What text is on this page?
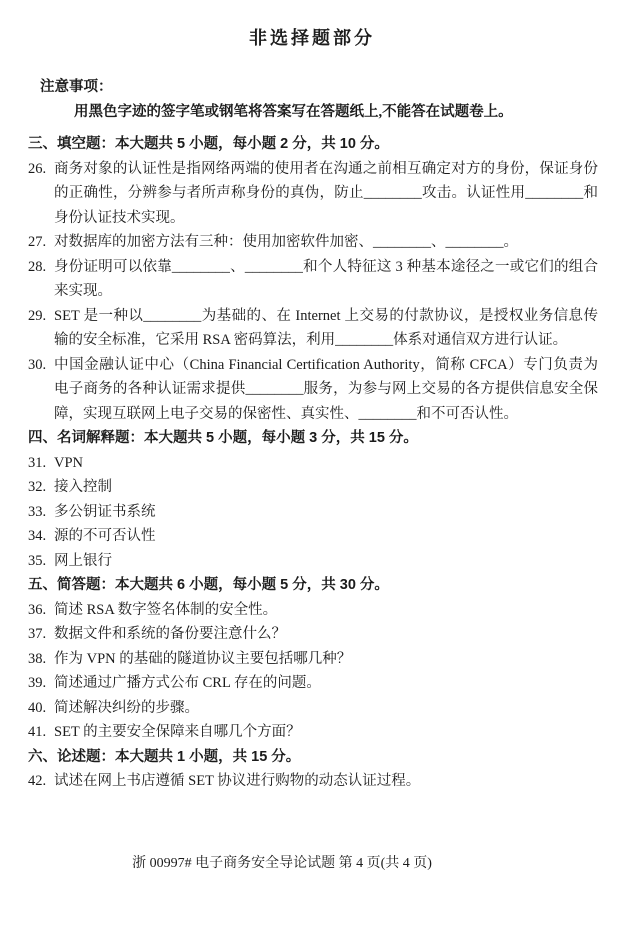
非选择题部分
注意事项：
用黑色字迹的签字笔或钢笔将答案写在答题纸上,不能答在试题卷上。
三、填空题：本大题共 5 小题，每小题 2 分，共 10 分。
26. 商务对象的认证性是指网络两端的使用者在沟通之前相互确定对方的身份，保证身份的正确性，分辨参与者所声称身份的真伪，防止________攻击。认证性用________和身份认证技术实现。
27. 对数据库的加密方法有三种：使用加密软件加密、________、________。
28. 身份证明可以依靠________、________和个人特征这 3 种基本途径之一或它们的组合来实现。
29. SET 是一种以________为基础的、在 Internet 上交易的付款协议，是授权业务信息传输的安全标准，它采用 RSA 密码算法，利用________体系对通信双方进行认证。
30. 中国金融认证中心（China Financial Certification Authority，简称 CFCA）专门负责为电子商务的各种认证需求提供________服务，为参与网上交易的各方提供信息安全保障，实现互联网上电子交易的保密性、真实性、________和不可否认性。
四、名词解释题：本大题共 5 小题，每小题 3 分，共 15 分。
31. VPN
32. 接入控制
33. 多公钥证书系统
34. 源的不可否认性
35. 网上银行
五、简答题：本大题共 6 小题，每小题 5 分，共 30 分。
36. 简述 RSA 数字签名体制的安全性。
37. 数据文件和系统的备份要注意什么？
38. 作为 VPN 的基础的隧道协议主要包括哪几种？
39. 简述通过广播方式公布 CRL 存在的问题。
40. 简述解决纠纷的步骤。
41. SET 的主要安全保障来自哪几个方面？
六、论述题：本大题共 1 小题，共 15 分。
42. 试述在网上书店遵循 SET 协议进行购物的动态认证过程。
浙 00997# 电子商务安全导论试题 第 4 页(共 4 页)
